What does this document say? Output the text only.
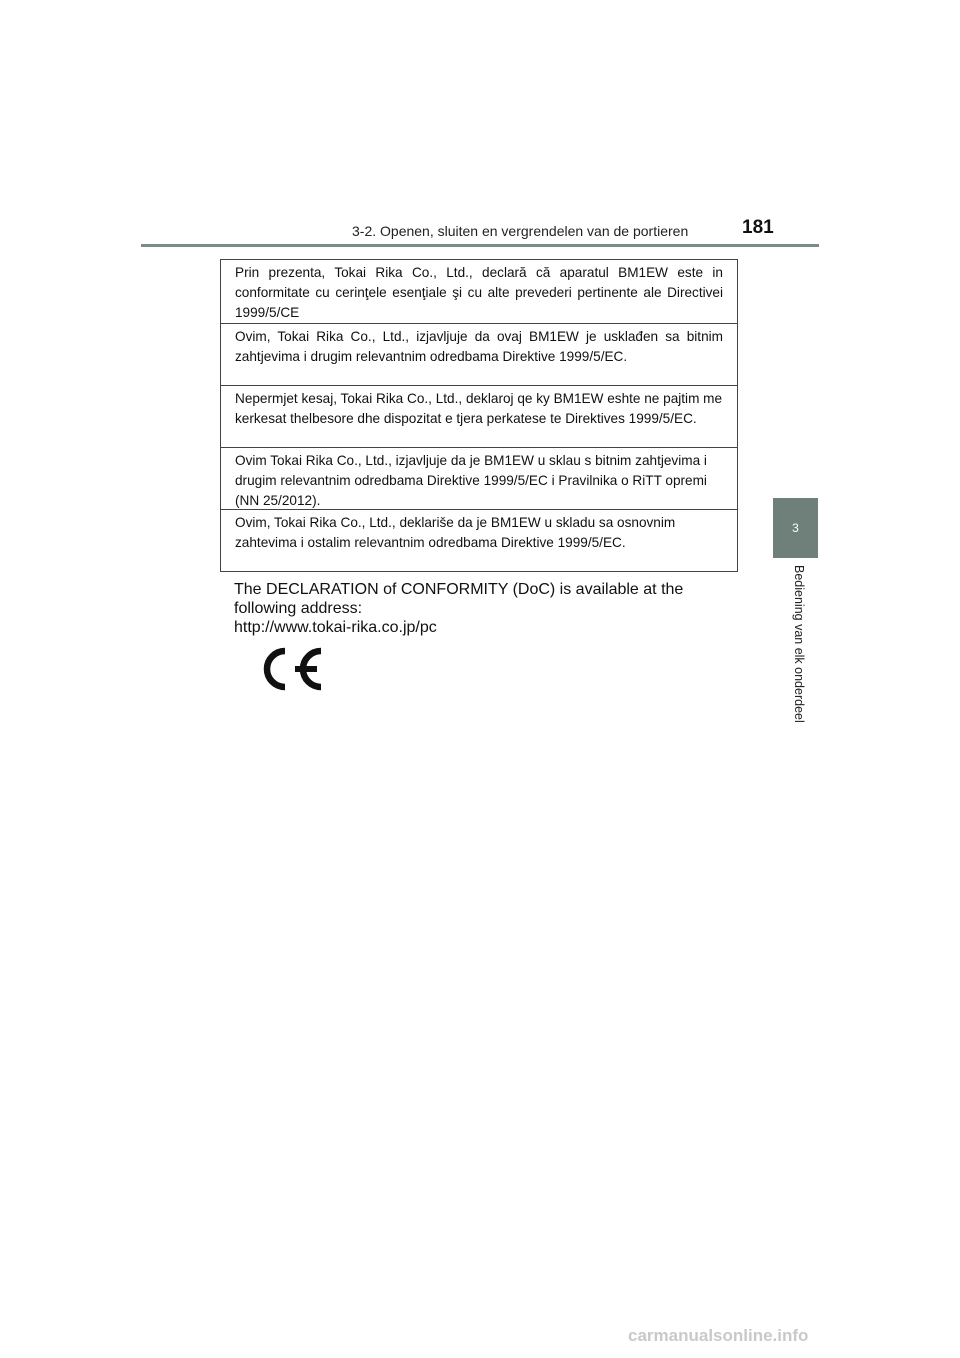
3-2. Openen, sluiten en vergrendelen van de portieren	181
3
Bediening van elk onderdeel
Prin prezenta, Tokai Rika Co., Ltd., declară că aparatul BM1EW este in conformitate cu cerinţele esenţiale şi cu alte prevederi pertinente ale Directivei 1999/5/CE
Ovim, Tokai Rika Co., Ltd., izjavljuje da ovaj BM1EW je usklađen sa bitnim zahtjevima i drugim relevantnim odredbama Direktive 1999/5/EC.
Nepermjet kesaj, Tokai Rika Co., Ltd., deklaroj qe ky BM1EW eshte ne pajtim me kerkesat thelbesore dhe dispozitat e tjera perkatese te Direktives 1999/5/EC.
Ovim Tokai Rika Co., Ltd., izjavljuje da je BM1EW u sklau s bitnim zahtjevima i drugim relevantnim odredbama Direktive 1999/5/EC i Pravilnika o RiTT opremi (NN 25/2012).
Ovim, Tokai Rika Co., Ltd., deklariše da je BM1EW u skladu sa osnovnim zahtevima i ostalim relevantnim odredbama Direktive 1999/5/EC.
The DECLARATION of CONFORMITY (DoC) is available at the
following address:
http://www.tokai-rika.co.jp/pc
carmanualsonline.info
